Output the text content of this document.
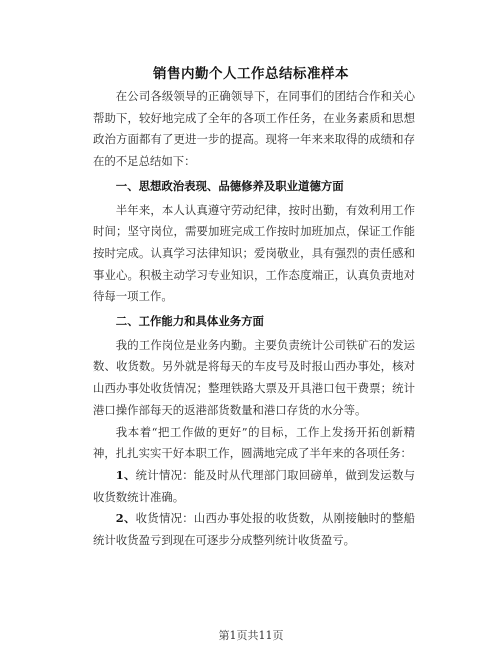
销售内勤个人工作总结标准样本

在公司各级领导的正确领导下，在同事们的团结合作和关心帮助下，较好地完成了全年的各项工作任务，在业务素质和思想政治方面都有了更进一步的提高。现将一年来来取得的成绩和存在的不足总结如下：

一、思想政治表现、品德修养及职业道德方面

半年来，本人认真遵守劳动纪律，按时出勤，有效利用工作时间；坚守岗位，需要加班完成工作按时加班加点，保证工作能按时完成。认真学习法律知识；爱岗敬业，具有强烈的责任感和事业心。积极主动学习专业知识，工作态度端正，认真负责地对待每一项工作。

二、工作能力和具体业务方面

我的工作岗位是业务内勤。主要负责统计公司铁矿石的发运数、收货数。另外就是将每天的车皮号及时报山西办事处，核对山西办事处收货情况；整理铁路大票及开具港口包干费票；统计港口操作部每天的返港部货数量和港口存货的水分等。

我本着“把工作做的更好”的目标，工作上发扬开拓创新精神，扎扎实实干好本职工作，圆满地完成了半年来的各项任务：

1、统计情况：能及时从代理部门取回磅单，做到发运数与收货数统计准确。

2、收货情况：山西办事处报的收货数，从刚接触时的整船统计收货盈亏到现在可逐步分成整列统计收货盈亏。

第1页共11页
